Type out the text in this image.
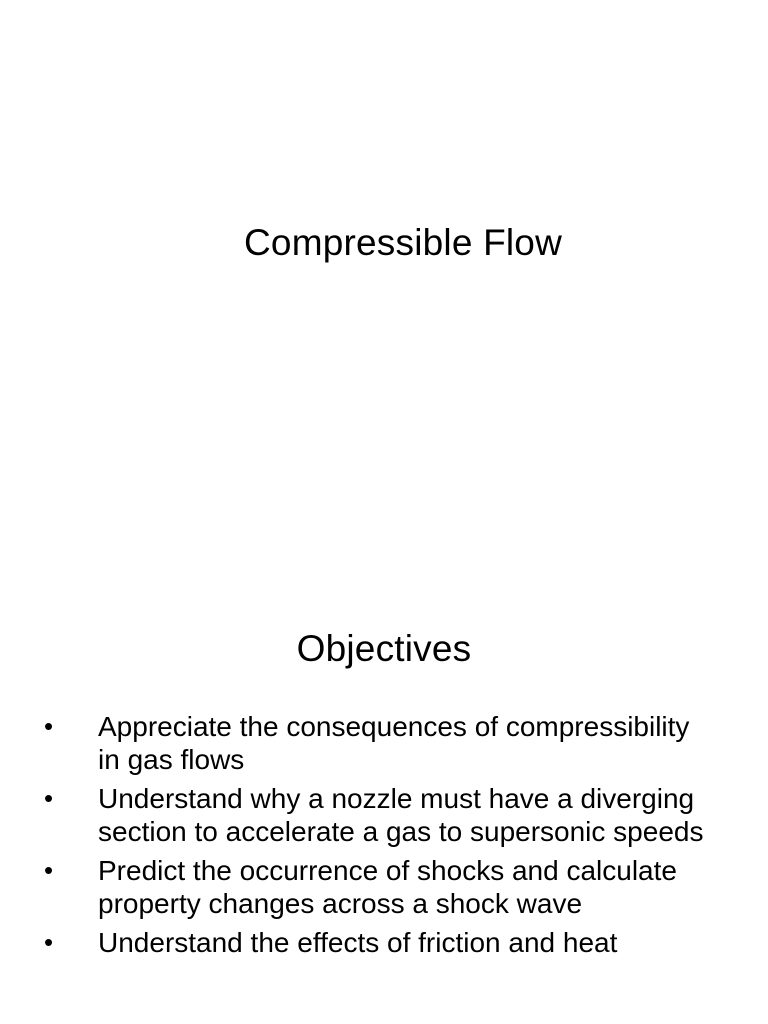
Compressible Flow
Objectives
• Appreciate the consequences of compressibility in gas flows
• Understand why a nozzle must have a diverging section to accelerate a gas to supersonic speeds
• Predict the occurrence of shocks and calculate property changes across a shock wave
• Understand the effects of friction and heat
